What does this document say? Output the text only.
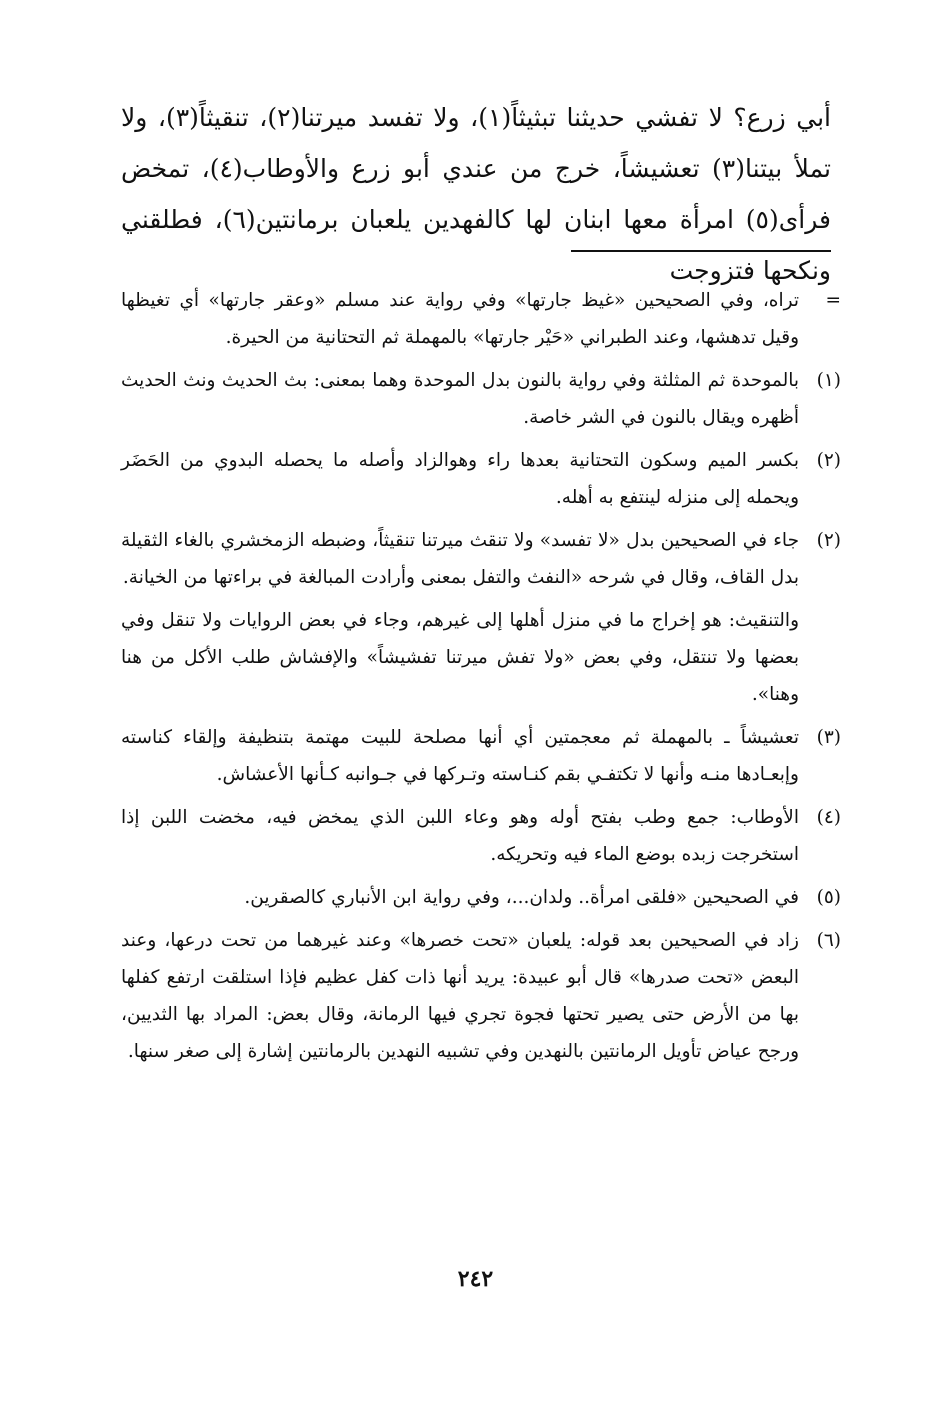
أبي زرع؟ لا تفشي حديثنا تبثيثاً(١)، ولا تفسد ميرتنا(٢)، تنقيثاً(٣)، ولا تملأ بيتنا(٣) تعشيشاً، خرج من عندي أبو زرع والأوطاب(٤)، تمخض فرأى(٥) امرأة معها ابنان لها كالفهدين يلعبان برمانتين(٦)، فطلقني ونكحها فتزوجت

=
تراه، وفي الصحيحين «غيظ جارتها» وفي رواية عند مسلم «وعقر جارتها» أي تغيظها وقيل تدهشها، وعند الطبراني «حَيْر جارتها» بالمهملة ثم التحتانية من الحيرة.
(١)
بالموحدة ثم المثلثة وفي رواية بالنون بدل الموحدة وهما بمعنى: بث الحديث ونث الحديث أظهره ويقال بالنون في الشر خاصة.
(٢)
بكسر الميم وسكون التحتانية بعدها راء وهوالزاد وأصله ما يحصله البدوي من الحَضَر ويحمله إلى منزله لينتفع به أهله.
(٢)
جاء في الصحيحين بدل «لا تفسد» ولا تنقث ميرتنا تنقيثاً، وضبطه الزمخشري بالغاء الثقيلة بدل القاف، وقال في شرحه «النفث والتفل بمعنى وأرادت المبالغة في براءتها من الخيانة.
والتنقيث: هو إخراج ما في منزل أهلها إلى غيرهم، وجاء في بعض الروايات ولا تنقل وفي بعضها ولا تنتقل، وفي بعض «ولا تفش ميرتنا تفشيشاً» والإفشاش طلب الأكل من هنا وهنا».
(٣)
تعشيشاً ـ بالمهملة ثم معجمتين أي أنها مصلحة للبيت مهتمة بتنظيفة وإلقاء كناسته وإبعـادها منـه وأنها لا تكتفـي بقم كنـاسته وتـركها في جـوانبه كـأنها الأعشاش.
(٤)
الأوطاب: جمع وطب بفتح أوله وهو وعاء اللبن الذي يمخض فيه، مخضت اللبن إذا استخرجت زبده بوضع الماء فيه وتحريكه.
(٥)
في الصحيحين «فلقى امرأة.. ولدان...، وفي رواية ابن الأنباري كالصقرين.
(٦)
زاد في الصحيحين بعد قوله: يلعبان «تحت خصرها» وعند غيرهما من تحت درعها، وعند البعض «تحت صدرها» قال أبو عبيدة: يريد أنها ذات كفل عظيم فإذا استلقت ارتفع كفلها بها من الأرض حتى يصير تحتها فجوة تجري فيها الرمانة، وقال بعض: المراد بها الثديين، ورجح عياض تأويل الرمانتين بالنهدين وفي تشبيه النهدين بالرمانتين إشارة إلى صغر سنها.
٢٤٢
